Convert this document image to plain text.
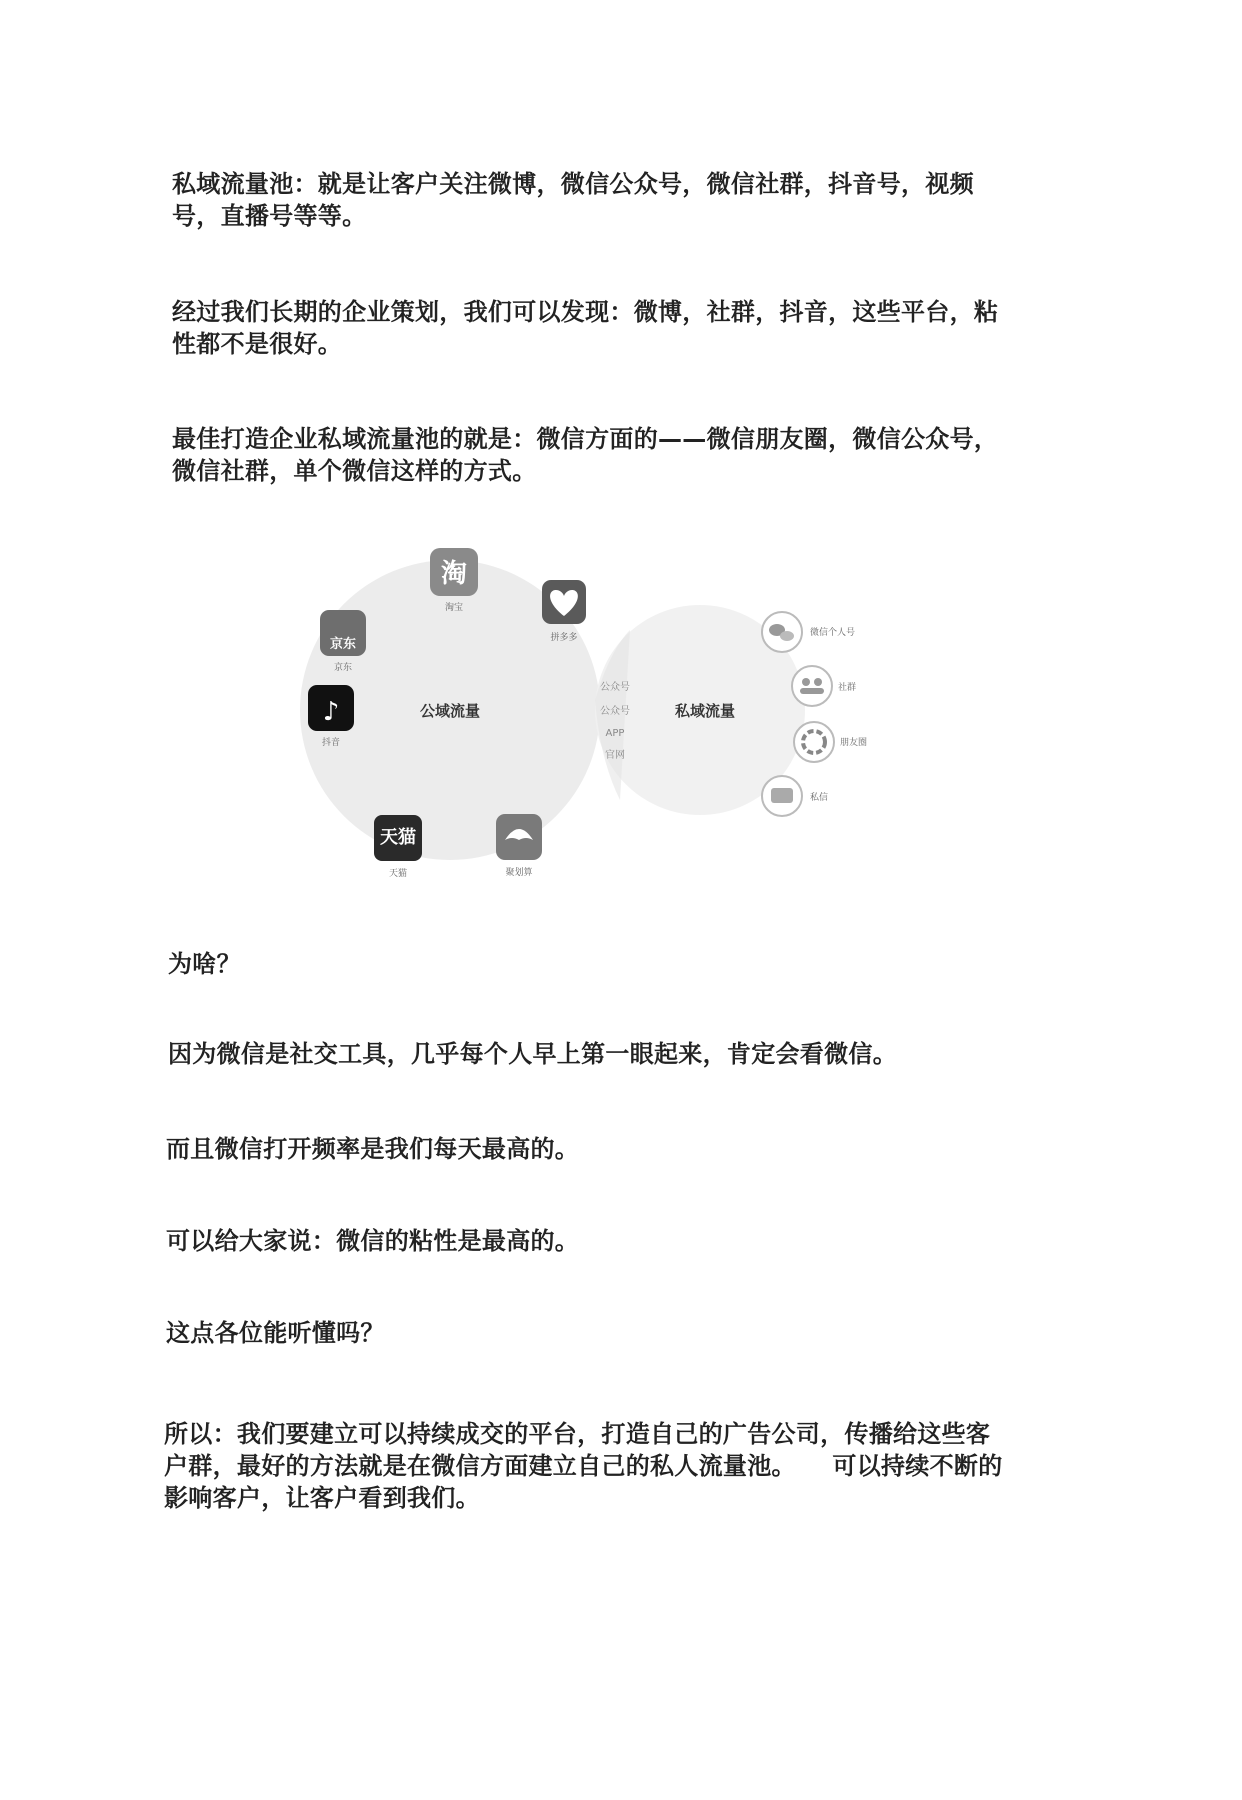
私域流量池：就是让客户关注微博，微信公众号，微信社群，抖音号，视频号，直播号等等。

经过我们长期的企业策划，我们可以发现：微博，社群，抖音，这些平台，粘性都不是很好。

最佳打造企业私域流量池的就是：微信方面的——微信朋友圈，微信公众号，微信社群，单个微信这样的方式。

公域流量	私域流量
公众号
公众号
APP
官网
淘
淘宝
拼多多
京东
京东
♪
抖音
天猫
天猫	聚划算
微信个人号
社群
朋友圈
私信

为啥？

因为微信是社交工具，几乎每个人早上第一眼起来，肯定会看微信。

而且微信打开频率是我们每天最高的。

可以给大家说：微信的粘性是最高的。

这点各位能听懂吗？

所以：我们要建立可以持续成交的平台，打造自己的广告公司，传播给这些客户群，最好的方法就是在微信方面建立自己的私人流量池。　　可以持续不断的影响客户，让客户看到我们。
